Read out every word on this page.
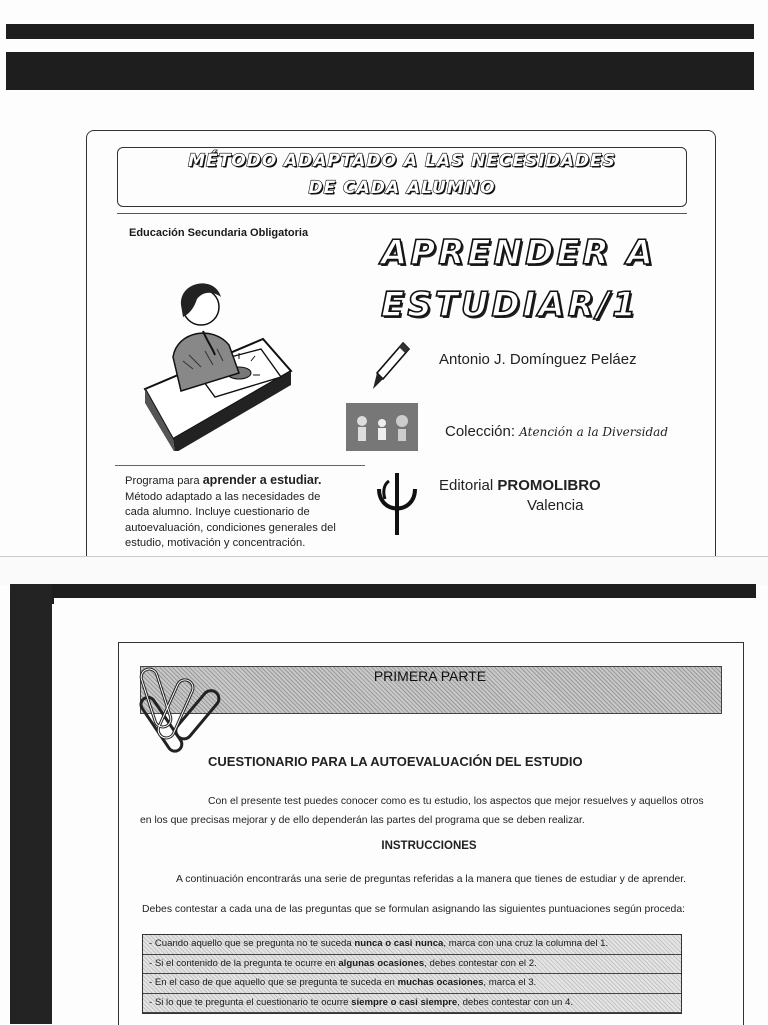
MÉTODO ADAPTADO A LAS NECESIDADES
DE CADA ALUMNO
Educación Secundaria Obligatoria APRENDER A
ESTUDIAR/1
Antonio J. Domínguez Peláez
Colección: Atención a la Diversidad
Editorial PROMOLIBRO
Valencia
Programa para aprender a estudiar. Método adaptado a las necesidades de cada alumno. Incluye cuestionario de autoevaluación, condiciones generales del estudio, motivación y concentración.
PRIMERA PARTE
CUESTIONARIO PARA LA AUTOEVALUACIÓN DEL ESTUDIO
Con el presente test puedes conocer como es tu estudio, los aspectos que mejor resuelves y aquellos otros
en los que precisas mejorar y de ello dependerán las partes del programa que se deben realizar.
INSTRUCCIONES
A continuación encontrarás una serie de preguntas referidas a la manera que tienes de estudiar y de aprender.
Debes contestar a cada una de las preguntas que se formulan asignando las siguientes puntuaciones según proceda:
- Cuando aquello que se pregunta no te suceda nunca o casi nunca, marca con una cruz la columna del 1.
- Si el contenido de la pregunta te ocurre en algunas ocasiones, debes contestar con el 2.
- En el caso de que aquello que se pregunta te suceda en muchas ocasiones, marca el 3.
- Si lo que te pregunta el cuestionario te ocurre siempre o casi siempre, debes contestar con un 4.
